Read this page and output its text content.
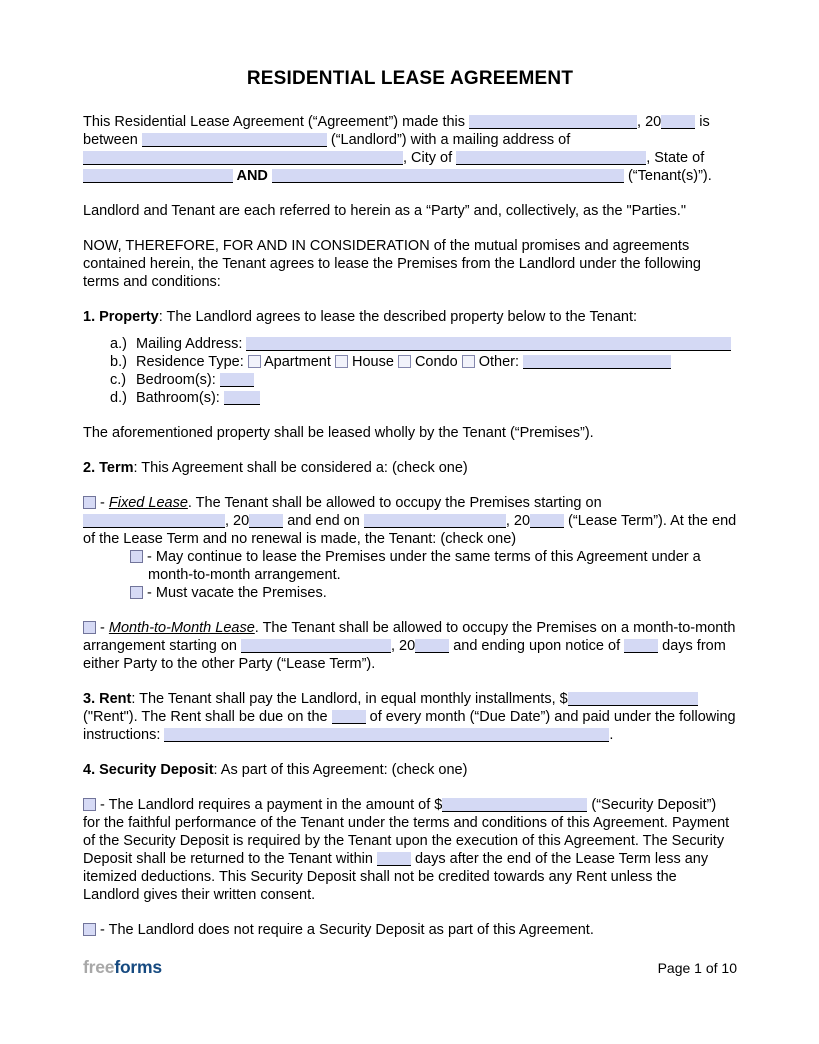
RESIDENTIAL LEASE AGREEMENT

This Residential Lease Agreement (“Agreement”) made this	, 20 is between	(“Landlord”) with a mailing address of , City of	, State of  AND	(“Tenant(s)”).

Landlord and Tenant are each referred to herein as a “Party” and, collectively, as the "Parties."

NOW, THEREFORE, FOR AND IN CONSIDERATION of the mutual promises and agreements contained herein, the Tenant agrees to lease the Premises from the Landlord under the following terms and conditions:

1. Property: The Landlord agrees to lease the described property below to the Tenant:

a.) Mailing Address:
b.) Residence Type:  Apartment  House  Condo  Other:
c.) Bedroom(s):
d.) Bathroom(s):

The aforementioned property shall be leased wholly by the Tenant (“Premises”).

2. Term: This Agreement shall be considered a: (check one)

- Fixed Lease. The Tenant shall be allowed to occupy the Premises starting on , 20 and end on	, 20 (“Lease Term”). At the end of the Lease Term and no renewal is made, the Tenant: (check one)

- May continue to lease the Premises under the same terms of this Agreement under a month-to-month arrangement.
- Must vacate the Premises.

- Month-to-Month Lease. The Tenant shall be allowed to occupy the Premises on a month-to-month arrangement starting on	, 20 and ending upon notice of  days from either Party to the other Party (“Lease Term”).

3. Rent: The Tenant shall pay the Landlord, in equal monthly installments, $ ("Rent"). The Rent shall be due on the  of every month (“Due Date”) and paid under the following instructions:	.

4. Security Deposit: As part of this Agreement: (check one)

- The Landlord requires a payment in the amount of $	(“Security Deposit”) for the faithful performance of the Tenant under the terms and conditions of this Agreement. Payment of the Security Deposit is required by the Tenant upon the execution of this Agreement. The Security Deposit shall be returned to the Tenant within  days after the end of the Lease Term less any itemized deductions. This Security Deposit shall not be credited towards any Rent unless the Landlord gives their written consent.

- The Landlord does not require a Security Deposit as part of this Agreement.

freeforms	Page 1 of 10
